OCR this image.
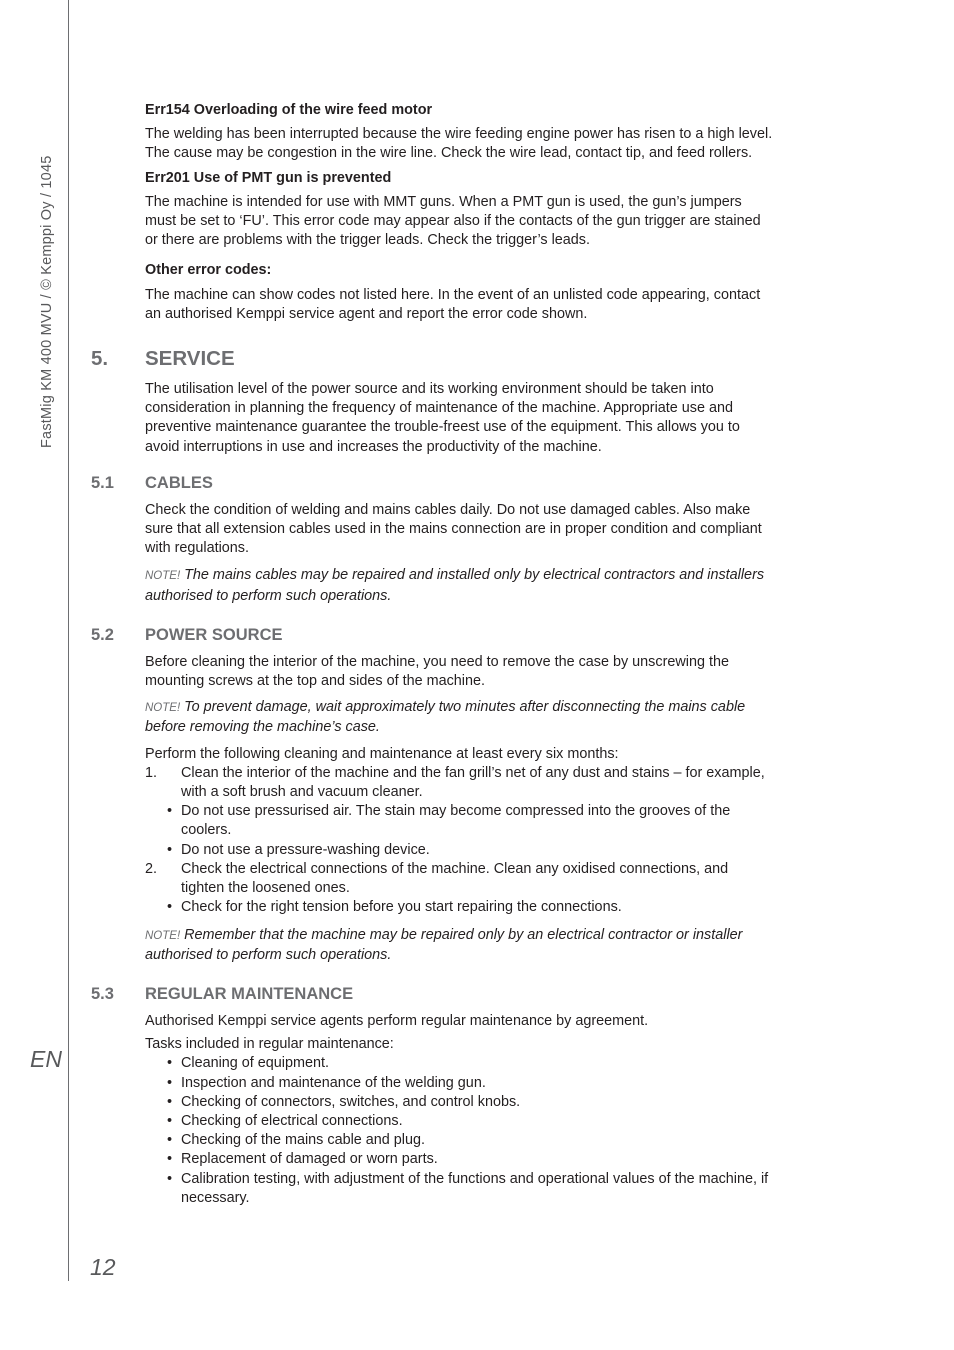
FastMig KM 400 MVU / © Kemppi Oy / 1045
EN
12

Err154 Overloading of the wire feed motor

The welding has been interrupted because the wire feeding engine power has risen to a high level. The cause may be congestion in the wire line. Check the wire lead, contact tip, and feed rollers.

Err201 Use of PMT gun is prevented

The machine is intended for use with MMT guns. When a PMT gun is used, the gun’s jumpers must be set to ‘FU’. This error code may appear also if the contacts of the gun trigger are stained or there are problems with the trigger leads. Check the trigger’s leads.

Other error codes:

The machine can show codes not listed here. In the event of an unlisted code appearing, contact an authorised Kemppi service agent and report the error code shown.

5. SERVICE

The utilisation level of the power source and its working environment should be taken into consideration in planning the frequency of maintenance of the machine. Appropriate use and preventive maintenance guarantee the trouble-freest use of the equipment. This allows you to avoid interruptions in use and increases the productivity of the machine.

5.1 CABLES

Check the condition of welding and mains cables daily. Do not use damaged cables. Also make sure that all extension cables used in the mains connection are in proper condition and compliant with regulations.

NOTE! The mains cables may be repaired and installed only by electrical contractors and installers authorised to perform such operations.

5.2 POWER SOURCE

Before cleaning the interior of the machine, you need to remove the case by unscrewing the mounting screws at the top and sides of the machine.

NOTE! To prevent damage, wait approximately two minutes after disconnecting the mains cable before removing the machine’s case.

Perform the following cleaning and maintenance at least every six months:

1. Clean the interior of the machine and the fan grill’s net of any dust and stains – for example, with a soft brush and vacuum cleaner.
• Do not use pressurised air. The stain may become compressed into the grooves of the coolers.
• Do not use a pressure-washing device.
2. Check the electrical connections of the machine. Clean any oxidised connections, and tighten the loosened ones.
• Check for the right tension before you start repairing the connections.

NOTE! Remember that the machine may be repaired only by an electrical contractor or installer authorised to perform such operations.

5.3 REGULAR MAINTENANCE

Authorised Kemppi service agents perform regular maintenance by agreement.

Tasks included in regular maintenance:

• Cleaning of equipment.
• Inspection and maintenance of the welding gun.
• Checking of connectors, switches, and control knobs.
• Checking of electrical connections.
• Checking of the mains cable and plug.
• Replacement of damaged or worn parts.
• Calibration testing, with adjustment of the functions and operational values of the machine, if necessary.
